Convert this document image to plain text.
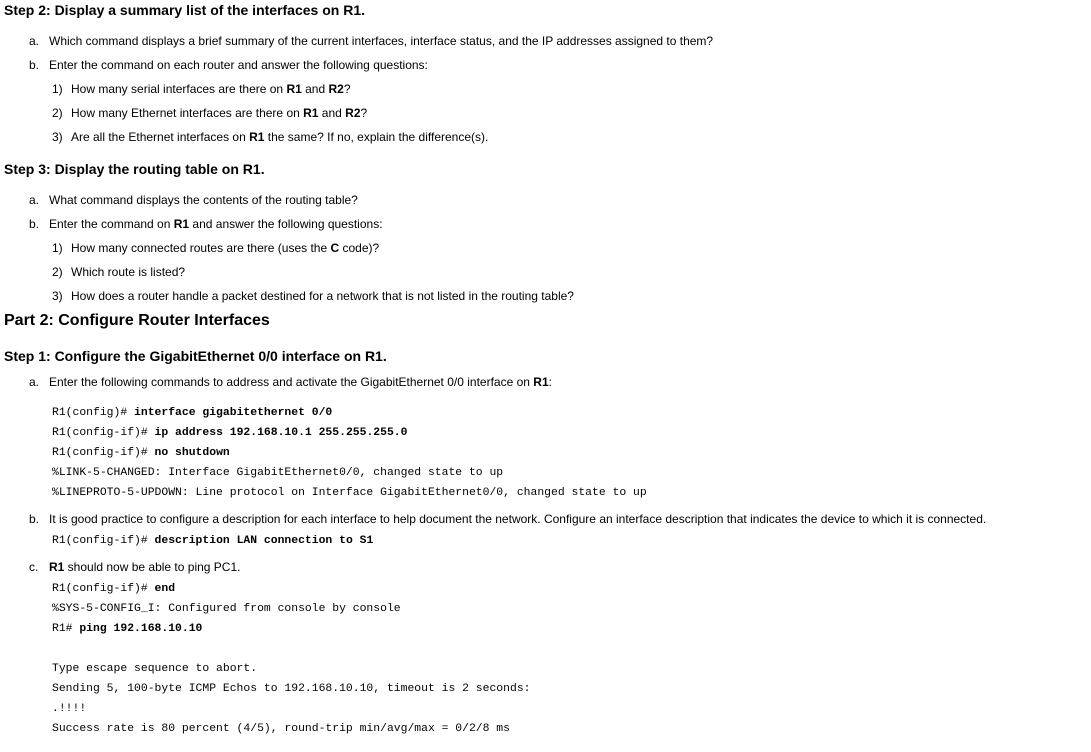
Step 2: Display a summary list of the interfaces on R1.
a. Which command displays a brief summary of the current interfaces, interface status, and the IP addresses assigned to them?
b. Enter the command on each router and answer the following questions:
1) How many serial interfaces are there on R1 and R2?
2) How many Ethernet interfaces are there on R1 and R2?
3) Are all the Ethernet interfaces on R1 the same? If no, explain the difference(s).
Step 3: Display the routing table on R1.
a. What command displays the contents of the routing table?
b. Enter the command on R1 and answer the following questions:
1) How many connected routes are there (uses the C code)?
2) Which route is listed?
3) How does a router handle a packet destined for a network that is not listed in the routing table?
Part 2: Configure Router Interfaces
Step 1: Configure the GigabitEthernet 0/0 interface on R1.
a. Enter the following commands to address and activate the GigabitEthernet 0/0 interface on R1:
R1(config)# interface gigabitethernet 0/0
R1(config-if)# ip address 192.168.10.1 255.255.255.0
R1(config-if)# no shutdown
%LINK-5-CHANGED: Interface GigabitEthernet0/0, changed state to up
%LINEPROTO-5-UPDOWN: Line protocol on Interface GigabitEthernet0/0, changed state to up
b. It is good practice to configure a description for each interface to help document the network. Configure an interface description that indicates the device to which it is connected.
R1(config-if)# description LAN connection to S1
c. R1 should now be able to ping PC1.
R1(config-if)# end
%SYS-5-CONFIG_I: Configured from console by console
R1# ping 192.168.10.10
Type escape sequence to abort.
Sending 5, 100-byte ICMP Echos to 192.168.10.10, timeout is 2 seconds:
.!!!!
Success rate is 80 percent (4/5), round-trip min/avg/max = 0/2/8 ms
